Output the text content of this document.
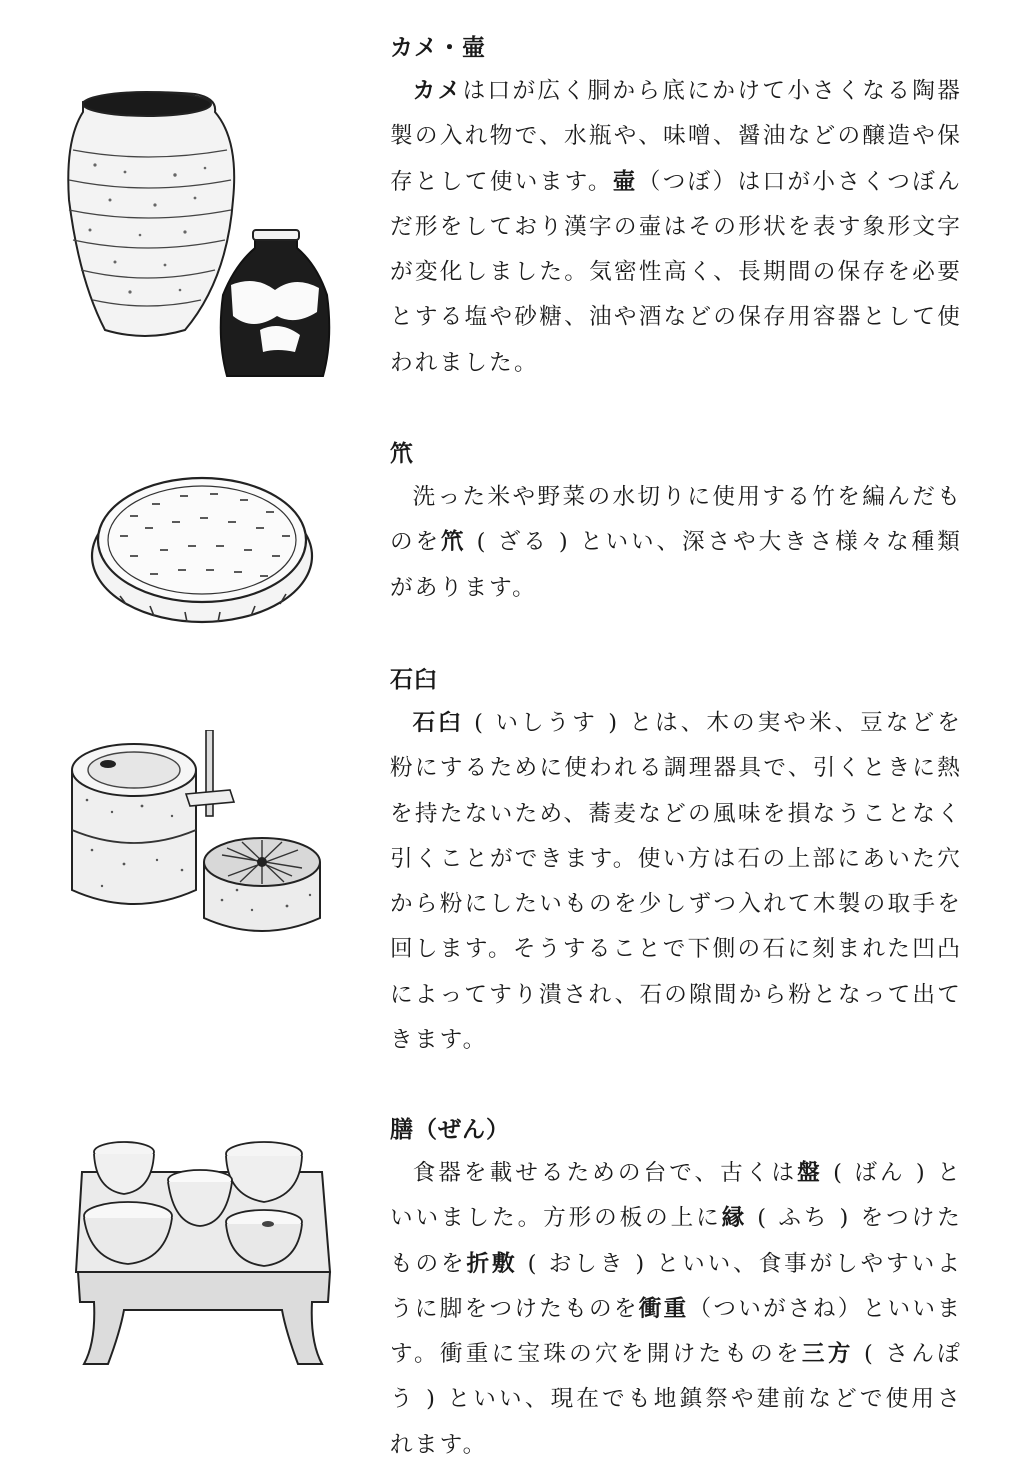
カメ・壷

カメは口が広く胴から底にかけて小さくなる陶器製の入れ物で、水瓶や、味噌、醤油などの醸造や保存として使います。壷（つぼ）は口が小さくつぼんだ形をしており漢字の壷はその形状を表す象形文字が変化しました。気密性高く、長期間の保存を必要とする塩や砂糖、油や酒などの保存用容器として使われました。

笊

洗った米や野菜の水切りに使用する竹を編んだものを笊 ( ざる ) といい、深さや大きさ様々な種類があります。

石臼

石臼 ( いしうす ) とは、木の実や米、豆などを粉にするために使われる調理器具で、引くときに熱を持たないため、蕎麦などの風味を損なうことなく引くことができます。使い方は石の上部にあいた穴から粉にしたいものを少しずつ入れて木製の取手を回します。そうすることで下側の石に刻まれた凹凸によってすり潰され、石の隙間から粉となって出てきます。

膳（ぜん）

食器を載せるための台で、古くは盤 ( ばん ) といいました。方形の板の上に縁 ( ふち ) をつけたものを折敷 ( おしき ) といい、食事がしやすいように脚をつけたものを衝重（ついがさね）といいます。衝重に宝珠の穴を開けたものを三方 ( さんぽう ) といい、現在でも地鎮祭や建前などで使用されます。
